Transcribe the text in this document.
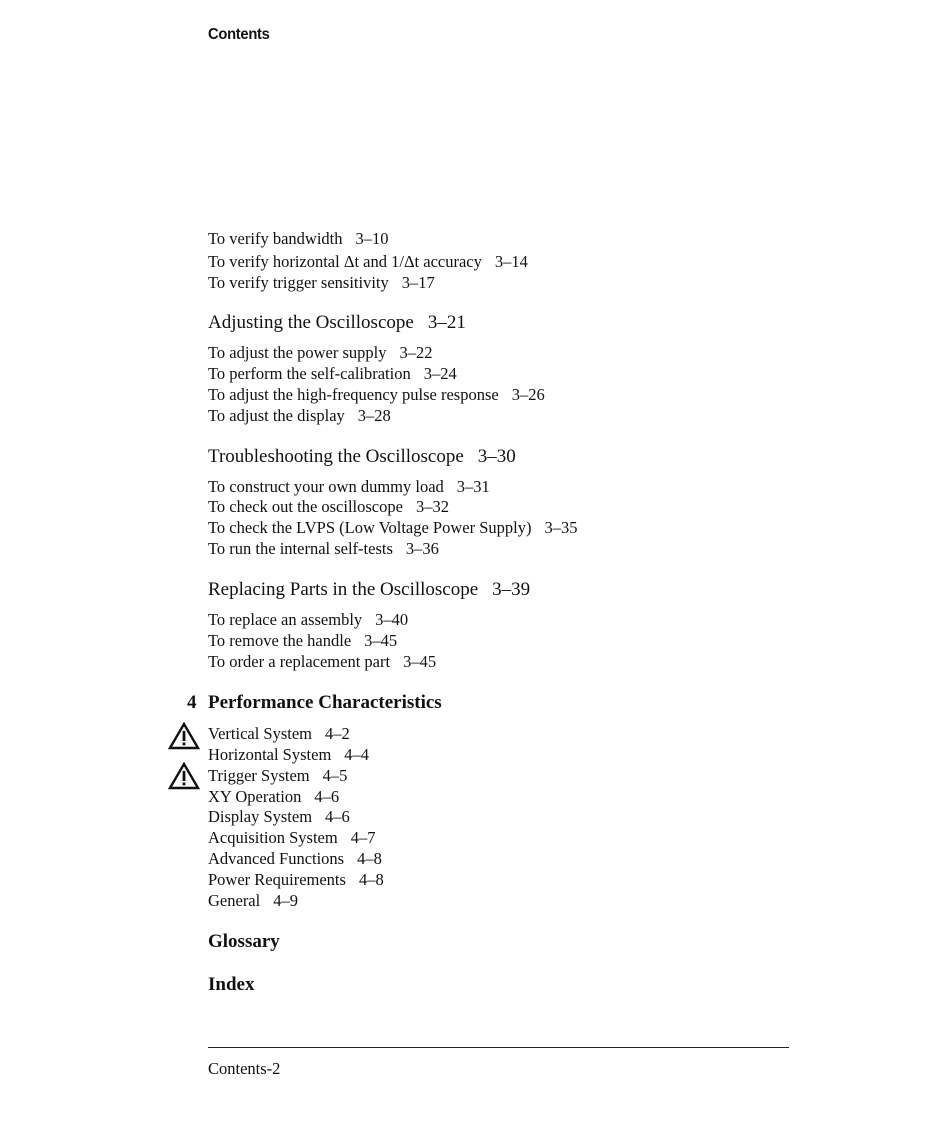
Contents
To verify bandwidth 3–10
To verify horizontal Δt and 1/Δt accuracy 3–14
To verify trigger sensitivity 3–17
Adjusting the Oscilloscope 3–21
To adjust the power supply 3–22
To perform the self-calibration 3–24
To adjust the high-frequency pulse response 3–26
To adjust the display 3–28
Troubleshooting the Oscilloscope 3–30
To construct your own dummy load 3–31
To check out the oscilloscope 3–32
To check the LVPS (Low Voltage Power Supply) 3–35
To run the internal self-tests 3–36
Replacing Parts in the Oscilloscope 3–39
To replace an assembly 3–40
To remove the handle 3–45
To order a replacement part 3–45
4 Performance Characteristics
Vertical System 4–2
Horizontal System 4–4
Trigger System 4–5
XY Operation 4–6
Display System 4–6
Acquisition System 4–7
Advanced Functions 4–8
Power Requirements 4–8
General 4–9
Glossary
Index
Contents-2
